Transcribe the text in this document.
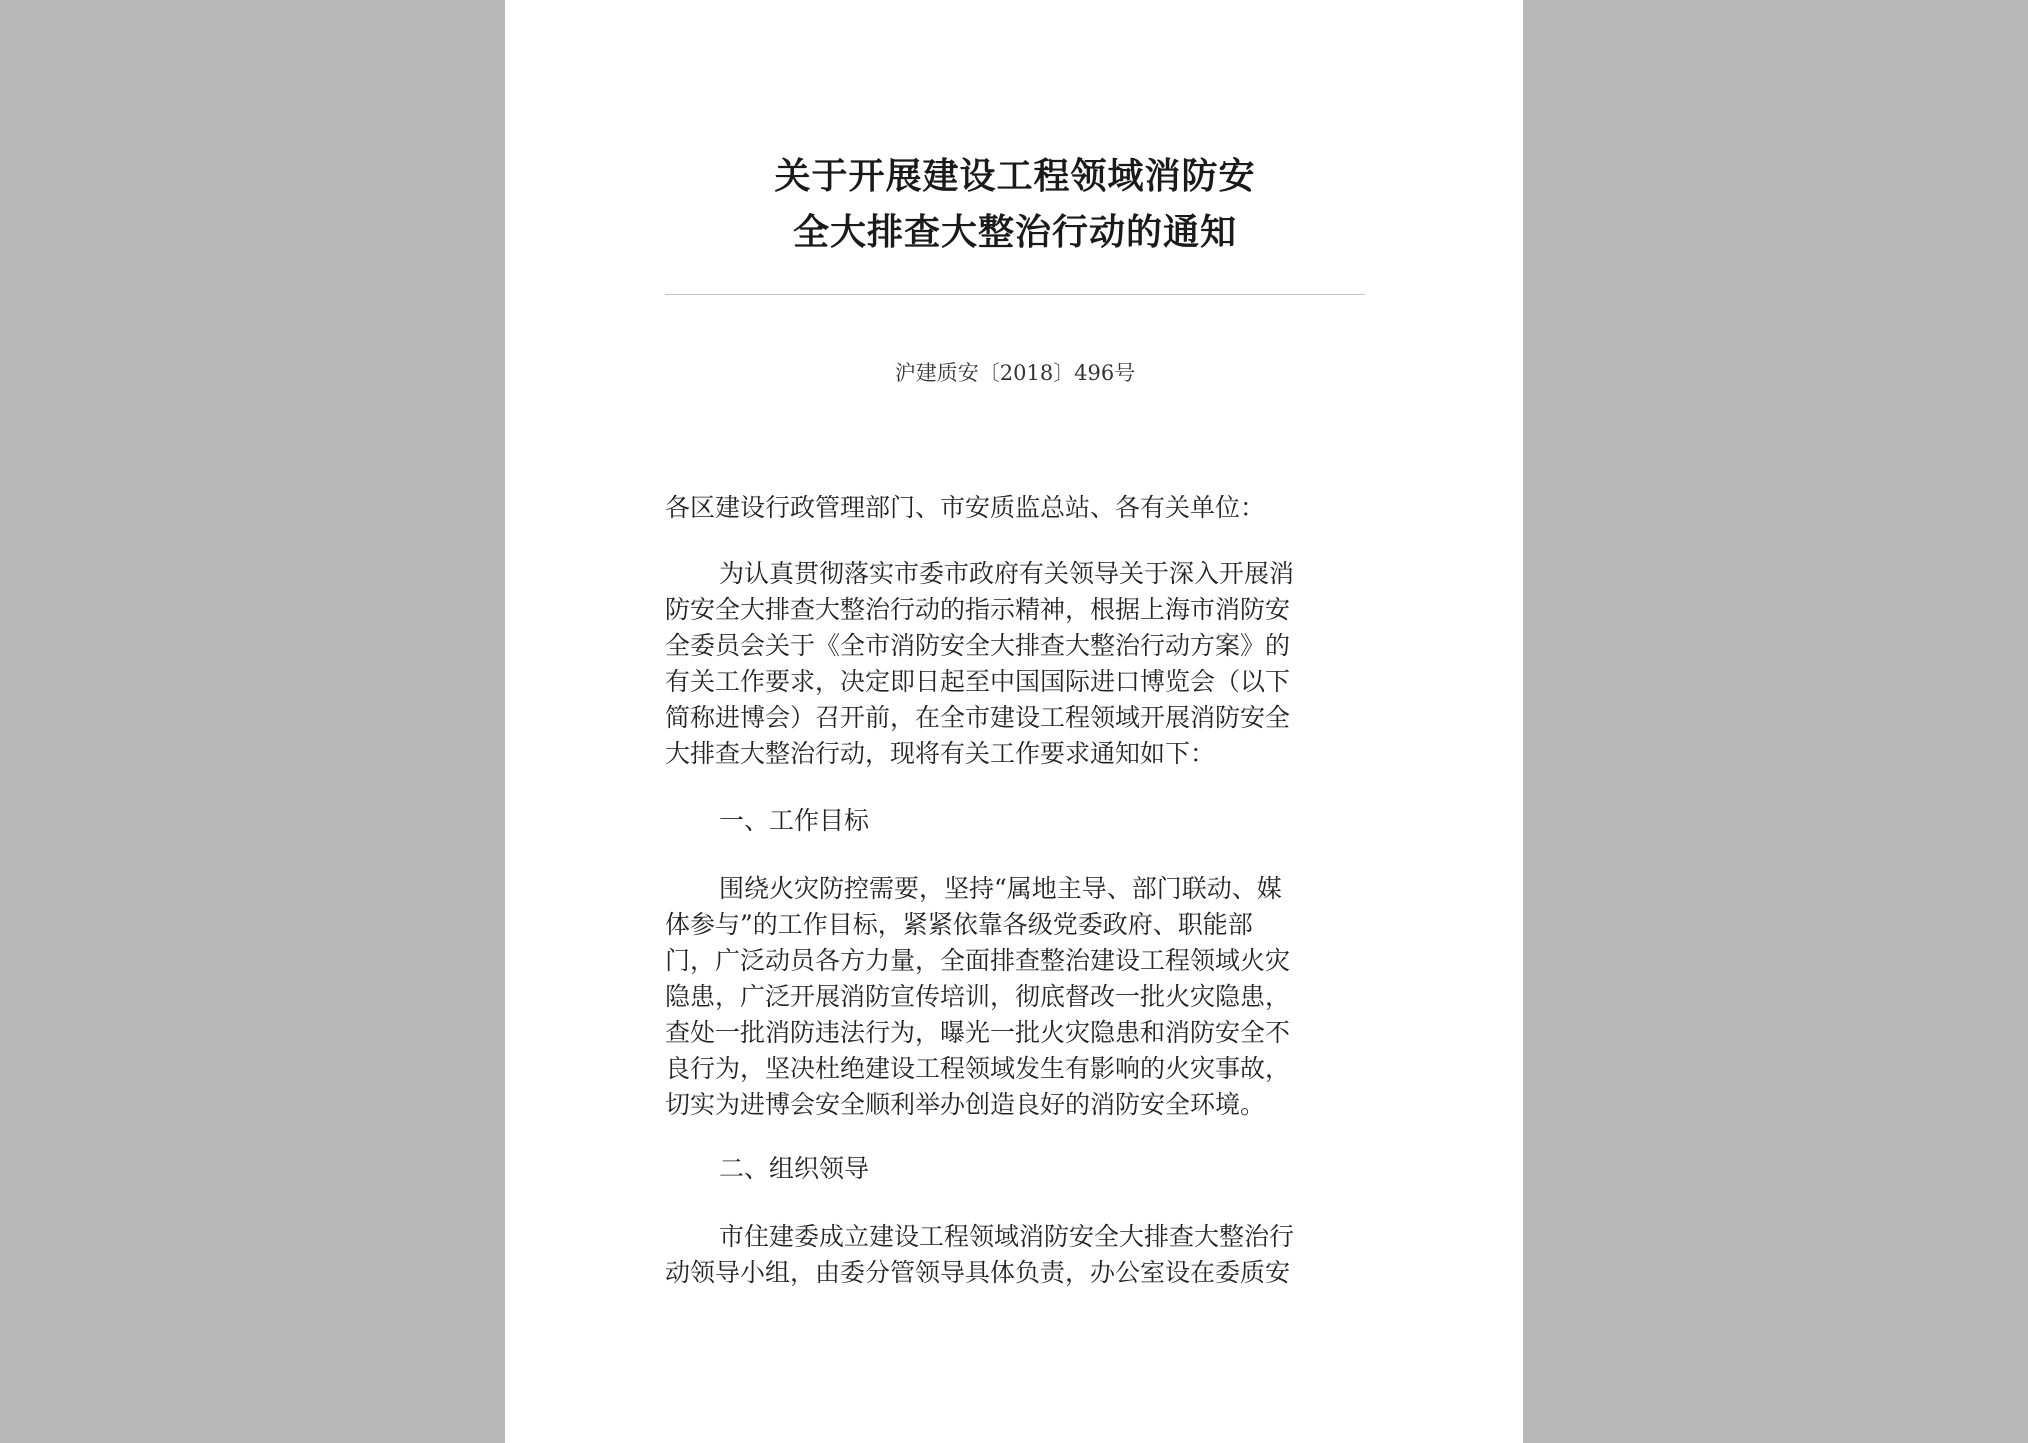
关于开展建设工程领域消防安
全大排查大整治行动的通知
沪建质安〔2018〕496号
各区建设行政管理部门、市安质监总站、各有关单位：
为认真贯彻落实市委市政府有关领导关于深入开展消
防安全大排查大整治行动的指示精神，根据上海市消防安
全委员会关于《全市消防安全大排查大整治行动方案》的
有关工作要求，决定即日起至中国国际进口博览会（以下
简称进博会）召开前，在全市建设工程领域开展消防安全
大排查大整治行动，现将有关工作要求通知如下：
一、工作目标
围绕火灾防控需要，坚持“属地主导、部门联动、媒
体参与”的工作目标，紧紧依靠各级党委政府、职能部
门，广泛动员各方力量，全面排查整治建设工程领域火灾
隐患，广泛开展消防宣传培训，彻底督改一批火灾隐患，
查处一批消防违法行为，曝光一批火灾隐患和消防安全不
良行为，坚决杜绝建设工程领域发生有影响的火灾事故，
切实为进博会安全顺利举办创造良好的消防安全环境。
二、组织领导
市住建委成立建设工程领域消防安全大排查大整治行
动领导小组，由委分管领导具体负责，办公室设在委质安
